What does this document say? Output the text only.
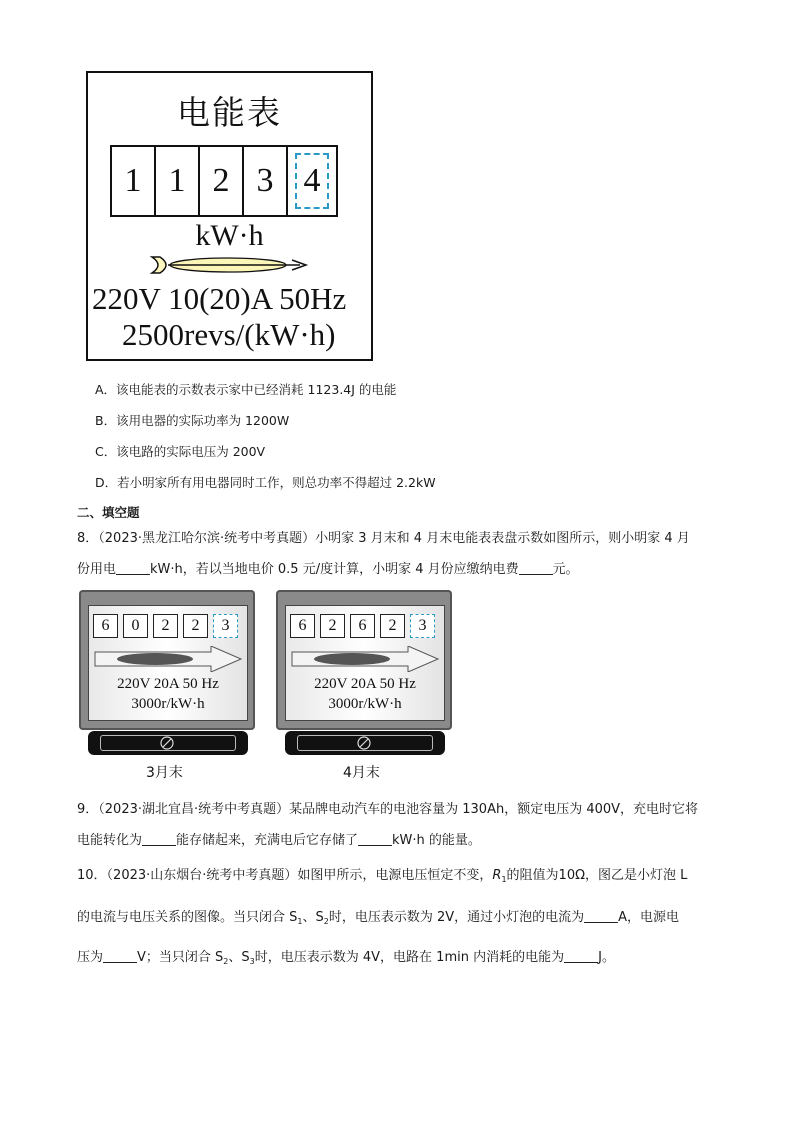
电能表
1 1 2 3 4
kW·h
220V 10(20)A 50Hz
2500revs/(kW·h)
A．该电能表的示数表示家中已经消耗 1123.4J 的电能
B．该用电器的实际功率为 1200W
C．该电路的实际电压为 200V
D．若小明家所有用电器同时工作，则总功率不得超过 2.2kW
二、填空题
8．（2023·黑龙江哈尔滨·统考中考真题）小明家 3 月末和 4 月末电能表表盘示数如图所示，则小明家 4 月
份用电	kW·h，若以当地电价 0.5 元/度计算，小明家 4 月份应缴纳电费	元。
6	0	2	2	3
220V 20A 50 Hz
3000r/kW·h
3月末
6	2	6	2	3
220V 20A 50 Hz
3000r/kW·h
4月末
9．（2023·湖北宜昌·统考中考真题）某品牌电动汽车的电池容量为 130Ah，额定电压为 400V，充电时它将
电能转化为	能存储起来，充满电后它存储了	kW·h 的能量。
10．（2023·山东烟台·统考中考真题）如图甲所示，电源电压恒定不变，$R_1$的阻值为10Ω，图乙是小灯泡 L
的电流与电压关系的图像。当只闭合 $S_1$、$S_2$时，电压表示数为 2V，通过小灯泡的电流为	A，电源电
压为	V；当只闭合 $S_2$、$S_3$时，电压表示数为 4V，电路在 1min 内消耗的电能为	J。
